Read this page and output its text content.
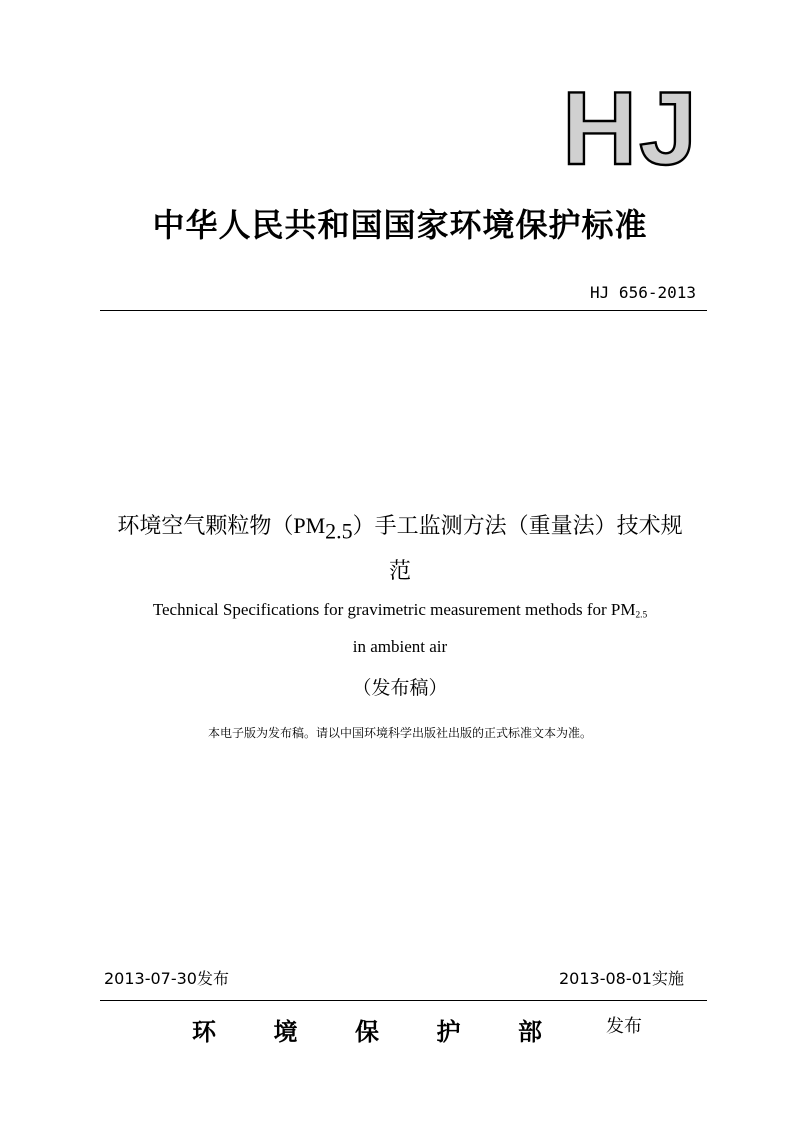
HJ
中华人民共和国国家环境保护标准
HJ 656-2013
环境空气颗粒物$(PM_{2.5})$手工监测方法（重量法）技术规范
Technical Specifications for gravimetric measurement methods for $PM_{2.5}$
in ambient air
（发布稿）
本电子版为发布稿。请以中国环境科学出版社出版的正式标准文本为准。
2013-07-30发布	2013-08-01实施
环 境 保 护 部	发布
